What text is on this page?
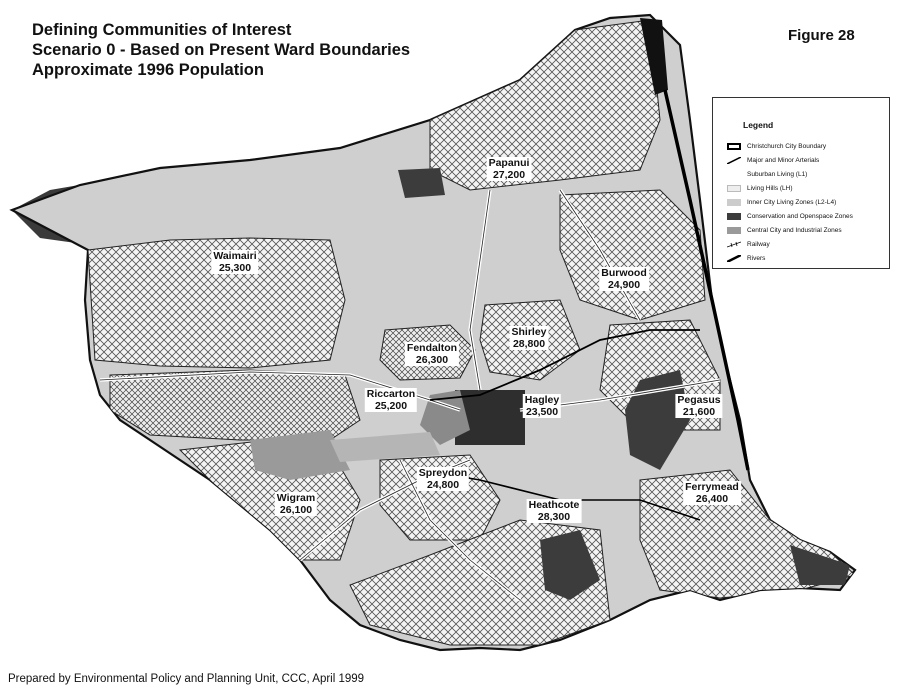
Defining Communities of Interest
Scenario 0 - Based on Present Ward Boundaries
Approximate 1996 Population
Figure 28
Papanui
27,200
Waimairi
25,300	Burwood
24,900
Shirley
28,800
Fendalton
26,300
Riccarton
25,200	Hagley
23,500
Pegasus
21,600
Spreydon
24,800
Wigram
26,100	Heathcote
28,300
Ferrymead
26,400
Legend
Christchurch City Boundary
Major and Minor Arterials
Suburban Living (L1)
Living Hills (LH)
Inner City Living Zones (L2-L4)
Conservation and Openspace Zones
Central City and Industrial Zones
Railway
Rivers
Prepared by Environmental Policy and Planning Unit, CCC, April 1999
